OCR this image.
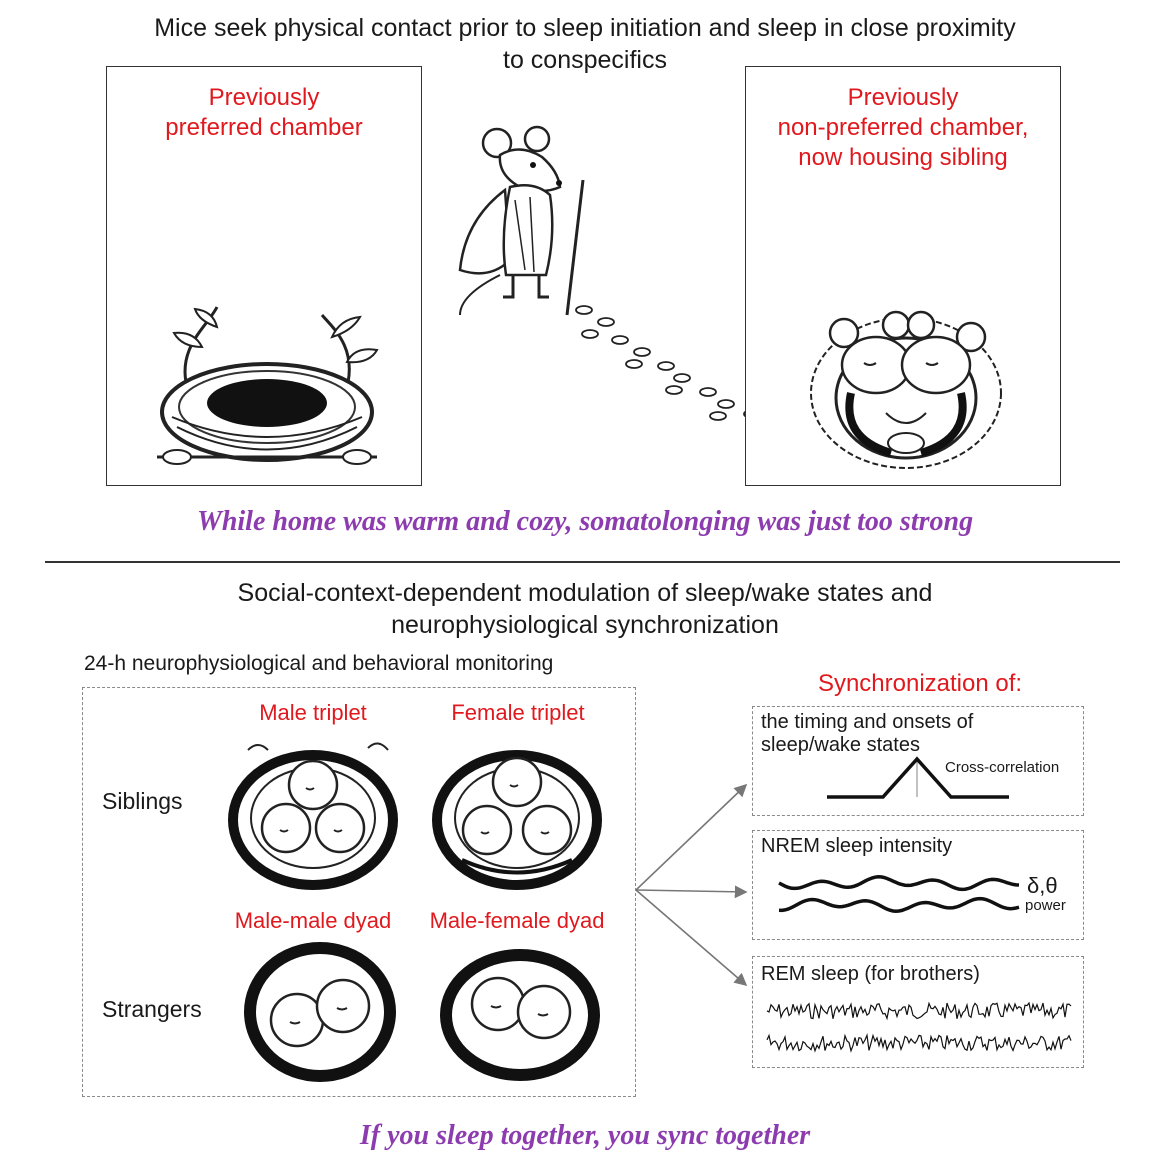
Mice seek physical contact prior to sleep initiation and sleep in close proximity
to conspecifics
Previously
preferred chamber
Previously
non-preferred chamber,
now housing sibling
While home was warm and cozy, somatolonging was just too strong
Social-context-dependent modulation of sleep/wake states and
neurophysiological synchronization
24-h neurophysiological and behavioral monitoring
Siblings
Strangers
Male triplet	Female triplet
Male-male dyad	Male-female dyad
Synchronization of:
the timing and onsets of
sleep/wake states
Cross-correlation
NREM sleep intensity
δ,θ
power
REM sleep (for brothers)
If you sleep together, you sync together
